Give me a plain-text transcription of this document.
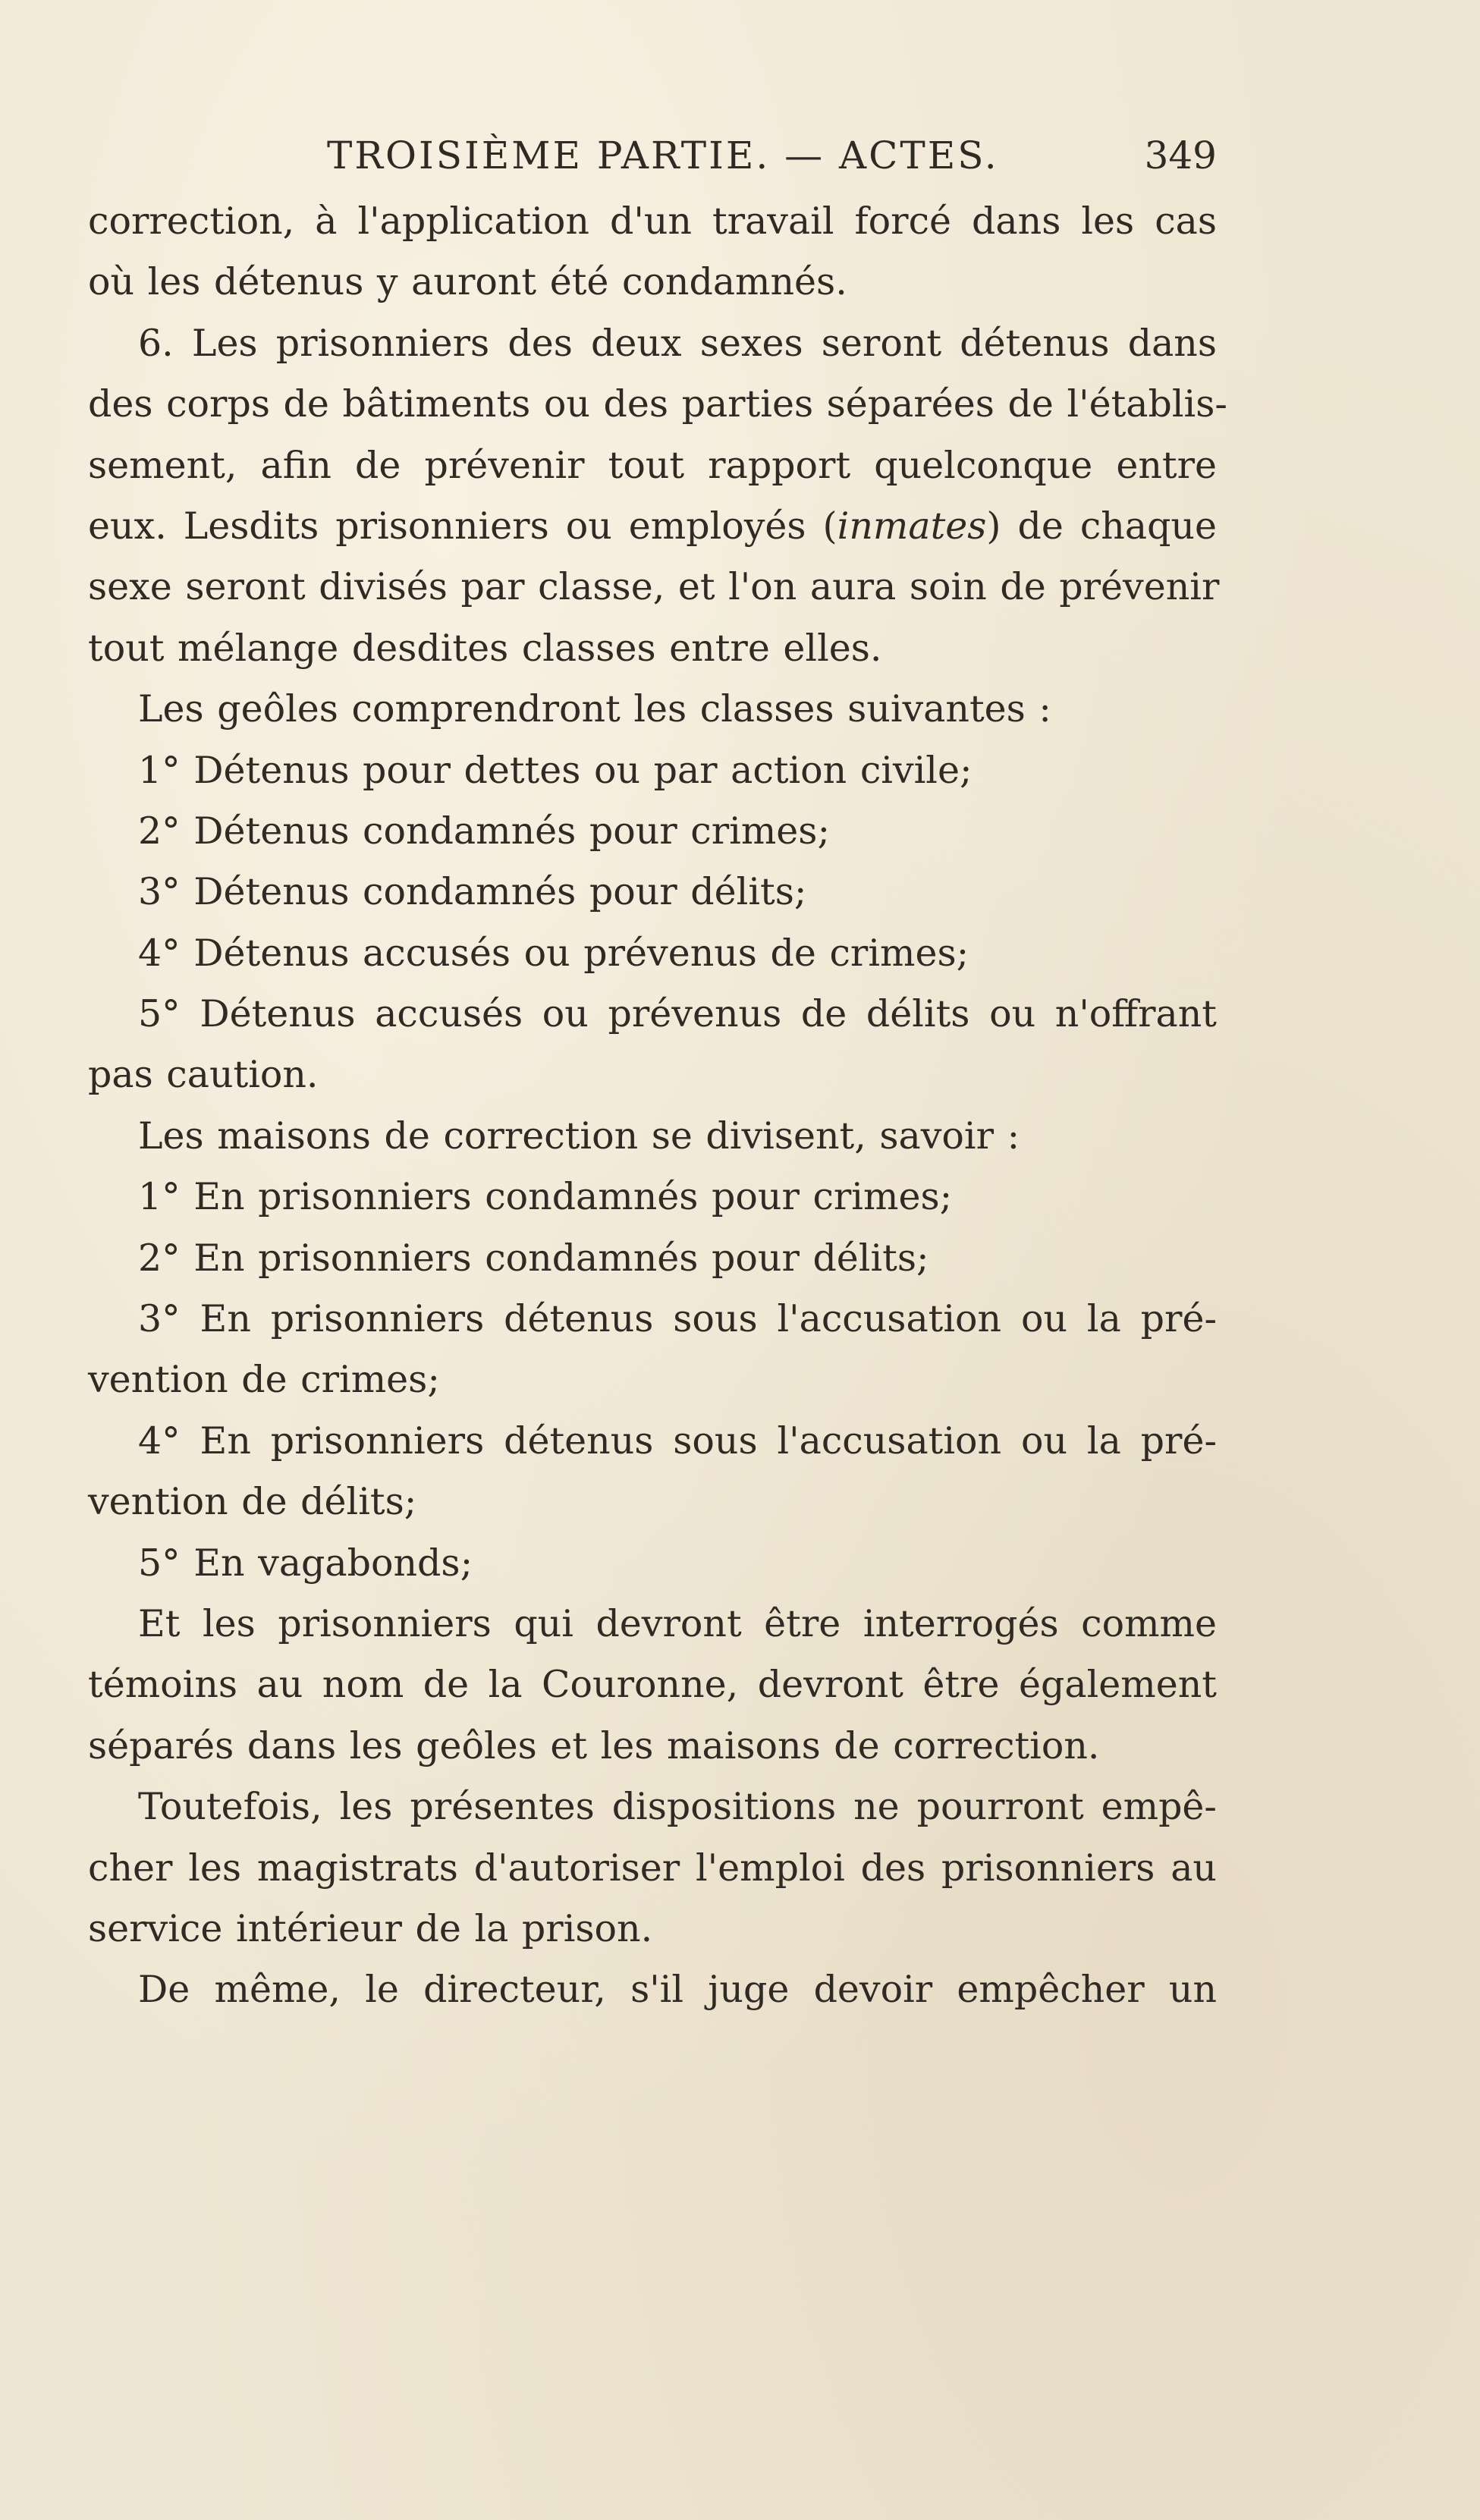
TROISIÈME PARTIE. — ACTES.	349
correction, à l'application d'un travail forcé dans les cas
où les détenus y auront été condamnés.
6. Les prisonniers des deux sexes seront détenus dans
des corps de bâtiments ou des parties séparées de l'établis-
sement, afin de prévenir tout rapport quelconque entre
eux. Lesdits prisonniers ou employés (inmates) de chaque
sexe seront divisés par classe, et l'on aura soin de prévenir
tout mélange desdites classes entre elles.
Les geôles comprendront les classes suivantes :
1° Détenus pour dettes ou par action civile;
2° Détenus condamnés pour crimes;
3° Détenus condamnés pour délits;
4° Détenus accusés ou prévenus de crimes;
5° Détenus accusés ou prévenus de délits ou n'offrant
pas caution.
Les maisons de correction se divisent, savoir :
1° En prisonniers condamnés pour crimes;
2° En prisonniers condamnés pour délits;
3° En prisonniers détenus sous l'accusation ou la pré-
vention de crimes;
4° En prisonniers détenus sous l'accusation ou la pré-
vention de délits;
5° En vagabonds;
Et les prisonniers qui devront être interrogés comme
témoins au nom de la Couronne, devront être également
séparés dans les geôles et les maisons de correction.
Toutefois, les présentes dispositions ne pourront empê-
cher les magistrats d'autoriser l'emploi des prisonniers au
service intérieur de la prison.
De même, le directeur, s'il juge devoir empêcher un
